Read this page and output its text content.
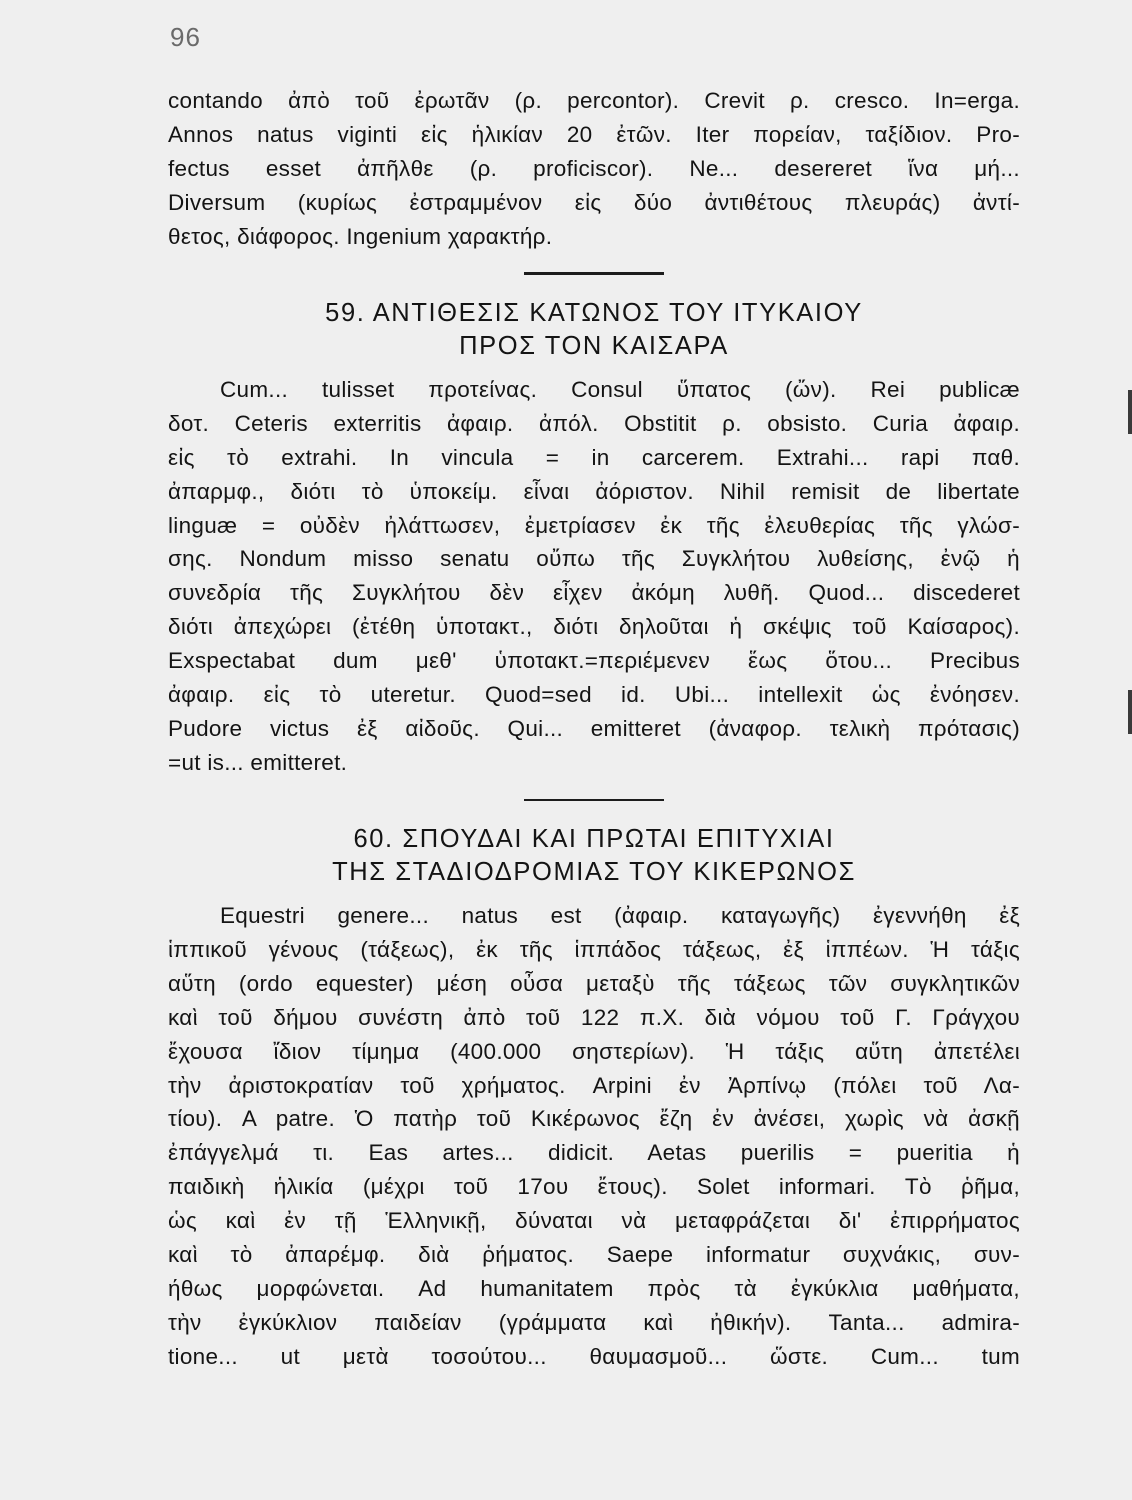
96
contando ἀπὸ τοῦ ἐρωτᾶν (ρ. percontor). Crevit ρ. cresco. In=erga.
Annos natus viginti εἰς ἡλικίαν 20 ἐτῶν. Iter πορείαν, ταξίδιον. Pro-
fectus esset ἀπῆλθε (ρ. proficiscor). Ne... desereret ἵνα μή...
Diversum (κυρίως ἐστραμμένον εἰς δύο ἀντιθέτους πλευράς) ἀντί-
θετος, διάφορος. Ingenium χαρακτήρ.
59. ΑΝΤΙΘΕΣΙΣ ΚΑΤΩΝΟΣ ΤΟΥ ΙΤΥΚΑΙΟΥ
ΠΡΟΣ ΤΟΝ ΚΑΙΣΑΡΑ
Cum... tulisset προτείνας. Consul ὕπατος (ὤν). Rei publicæ
δοτ. Ceteris exterritis ἀφαιρ. ἀπόλ. Obstitit ρ. obsisto. Curia ἀφαιρ.
εἰς τὸ extrahi. In vincula = in carcerem. Extrahi... rapi παθ.
ἀπαρμφ., διότι τὸ ὑποκείμ. εἶναι ἀόριστον. Nihil remisit de libertate
linguæ = οὐδὲν ἠλάττωσεν, ἐμετρίασεν ἐκ τῆς ἐλευθερίας τῆς γλώσ-
σης. Nondum misso senatu οὔπω τῆς Συγκλήτου λυθείσης, ἐνῷ ἡ
συνεδρία τῆς Συγκλήτου δὲν εἶχεν ἀκόμη λυθῆ. Quod... discederet
διότι ἀπεχώρει (ἐτέθη ὑποτακτ., διότι δηλοῦται ἡ σκέψις τοῦ Καίσαρος).
Exspectabat dum μεθ' ὑποτακτ.=περιέμενεν ἕως ὅτου... Precibus
ἀφαιρ. εἰς τὸ uteretur. Quod=sed id. Ubi... intellexit ὡς ἐνόησεν.
Pudore victus ἐξ αἰδοῦς. Qui... emitteret (ἀναφορ. τελικὴ πρότασις)
=ut is... emitteret.
60. ΣΠΟΥΔΑΙ ΚΑΙ ΠΡΩΤΑΙ ΕΠΙΤΥΧΙΑΙ
ΤΗΣ ΣΤΑΔΙΟΔΡΟΜΙΑΣ ΤΟΥ ΚΙΚΕΡΩΝΟΣ
Equestri genere... natus est (ἀφαιρ. καταγωγῆς) ἐγεννήθη ἐξ
ἱππικοῦ γένους (τάξεως), ἐκ τῆς ἱππάδος τάξεως, ἐξ ἱππέων. Ἡ τάξις
αὕτη (ordo equester) μέση οὖσα μεταξὺ τῆς τάξεως τῶν συγκλητικῶν
καὶ τοῦ δήμου συνέστη ἀπὸ τοῦ 122 π.Χ. διὰ νόμου τοῦ Γ. Γράγχου
ἔχουσα ἴδιον τίμημα (400.000 σηστερίων). Ἡ τάξις αὕτη ἀπετέλει
τὴν ἀριστοκρατίαν τοῦ χρήματος. Arpini ἐν Ἀρπίνῳ (πόλει τοῦ Λα-
τίου). A patre. Ὁ πατὴρ τοῦ Κικέρωνος ἔζη ἐν ἀνέσει, χωρὶς νὰ ἀσκῇ
ἐπάγγελμά τι. Eas artes... didicit. Aetas puerilis = pueritia ἡ
παιδικὴ ἡλικία (μέχρι τοῦ 17ου ἔτους). Solet informari. Τὸ ῥῆμα,
ὡς καὶ ἐν τῇ Ἑλληνικῇ, δύναται νὰ μεταφράζεται δι' ἐπιρρήματος
καὶ τὸ ἀπαρέμφ. διὰ ῥήματος. Saepe informatur συχνάκις, συν-
ήθως μορφώνεται. Ad humanitatem πρὸς τὰ ἐγκύκλια μαθήματα,
τὴν ἐγκύκλιον παιδείαν (γράμματα καὶ ἠθικήν). Tanta... admira-
tione... ut μετὰ τοσούτου... θαυμασμοῦ... ὥστε. Cum... tum
